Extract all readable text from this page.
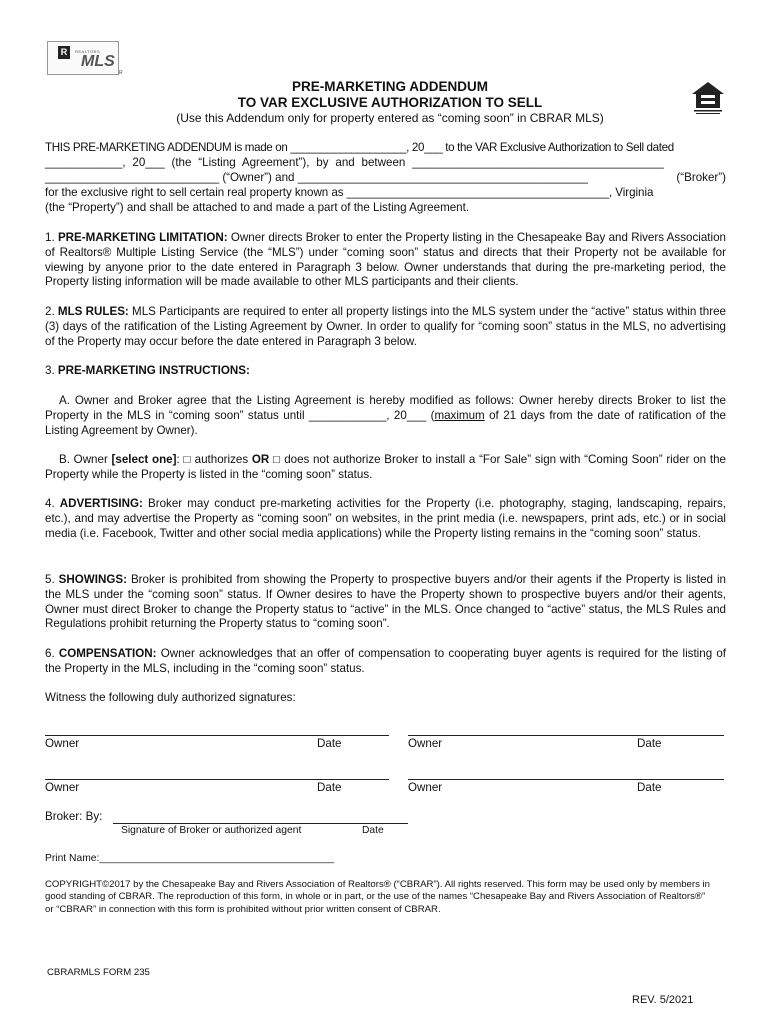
R	REALTORS
MLS
R
PRE-MARKETING ADDENDUM
TO VAR EXCLUSIVE AUTHORIZATION TO SELL
(Use this Addendum only for property entered as “coming soon” in CBRAR MLS)
THIS PRE-MARKETING ADDENDUM is made on ___________________, 20___ to the VAR Exclusive Authorization to Sell dated
____________, 20___ (the “Listing Agreement”), by and between _______________________________________
___________________________ (“Owner”) and _____________________________________________	(“Broker”)
for the exclusive right to sell certain real property known as _________________________________________, Virginia
(the “Property”) and shall be attached to and made a part of the Listing Agreement.
1. PRE-MARKETING LIMITATION: Owner directs Broker to enter the Property listing in the Chesapeake Bay and Rivers Association of Realtors® Multiple Listing Service (the “MLS”) under “coming soon” status and directs that their Property not be available for viewing by anyone prior to the date entered in Paragraph 3 below. Owner understands that during the pre-marketing period, the Property listing information will be made available to other MLS participants and their clients.
2. MLS RULES: MLS Participants are required to enter all property listings into the MLS system under the “active” status within three (3) days of the ratification of the Listing Agreement by Owner. In order to qualify for “coming soon” status in the MLS, no advertising of the Property may occur before the date entered in Paragraph 3 below.
3. PRE-MARKETING INSTRUCTIONS:
A. Owner and Broker agree that the Listing Agreement is hereby modified as follows: Owner hereby directs Broker to list the Property in the MLS in “coming soon” status until ____________, 20___ (maximum of 21 days from the date of ratification of the Listing Agreement by Owner).
B. Owner [select one]: □ authorizes OR □ does not authorize Broker to install a “For Sale” sign with “Coming Soon” rider on the Property while the Property is listed in the “coming soon” status.
4. ADVERTISING: Broker may conduct pre-marketing activities for the Property (i.e. photography, staging, landscaping, repairs, etc.), and may advertise the Property as “coming soon” on websites, in the print media (i.e. newspapers, print ads, etc.) or in social media (i.e. Facebook, Twitter and other social media applications) while the Property listing remains in the “coming soon” status.
5. SHOWINGS: Broker is prohibited from showing the Property to prospective buyers and/or their agents if the Property is listed in the MLS under the “coming soon” status. If Owner desires to have the Property shown to prospective buyers and/or their agents, Owner must direct Broker to change the Property status to “active” in the MLS. Once changed to “active” status, the MLS Rules and Regulations prohibit returning the Property status to “coming soon”.
6. COMPENSATION: Owner acknowledges that an offer of compensation to cooperating buyer agents is required for the listing of the Property in the MLS, including in the “coming soon” status.
Witness the following duly authorized signatures:
Owner	Date	Owner	Date
Owner	Date	Owner	Date
Broker: By:
Signature of Broker or authorized agent	Date
Print Name:_________________________________________
COPYRIGHT©2017 by the Chesapeake Bay and Rivers Association of Realtors® (“CBRAR”). All rights reserved. This form may be used only by members in good standing of CBRAR. The reproduction of this form, in whole or in part, or the use of the names “Chesapeake Bay and Rivers Association of Realtors®” or “CBRAR” in connection with this form is prohibited without prior written consent of CBRAR.
CBRARMLS FORM 235
REV. 5/2021
